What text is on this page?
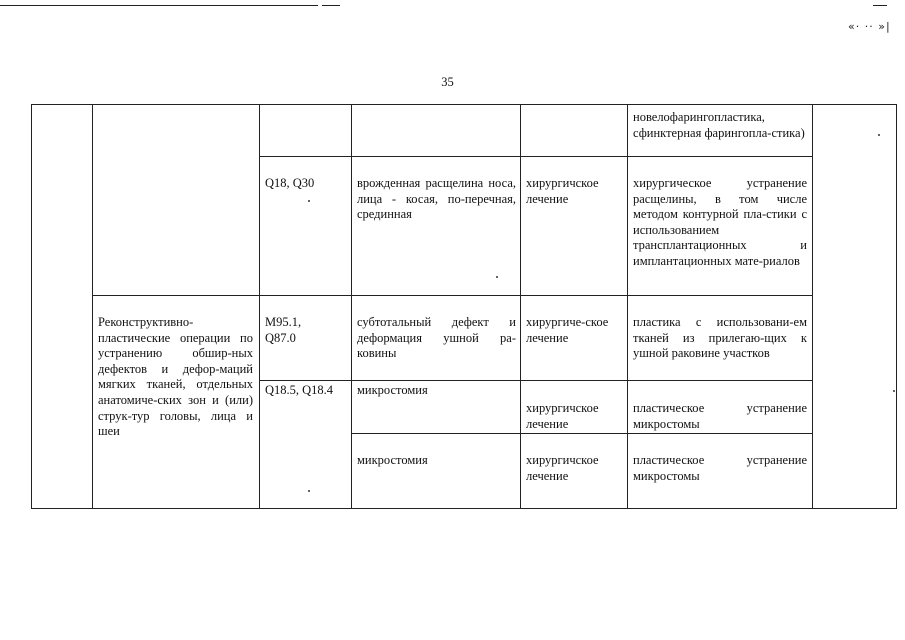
«· ·· »|
35
новелофарингопластика, сфинктерная фарингопла-стика)
Q18, Q30	врожденная расщелина носа, лица - косая, по-перечная, срединная
хирургичское лечение
хирургическое устранение расщелины, в том числе методом контурной пла-стики с использованием трансплантационных и имплантационных мате-риалов
Реконструктивно-пластические операции по устранению обшир-ных дефектов и дефор-маций мягких тканей, отдельных анатомиче-ских зон и (или) струк-тур головы, лица и шеи
M95.1, Q87.0
субтотальный дефект и деформация ушной ра-ковины
хирургиче-ское лечение
пластика с использовани-ем тканей из прилегаю-щих к ушной раковине участков
Q18.5, Q18.4 микростомия
хирургичское лечение
пластическое устранение микростомы
микростомия	хирургичское лечение
пластическое устранение микростомы
